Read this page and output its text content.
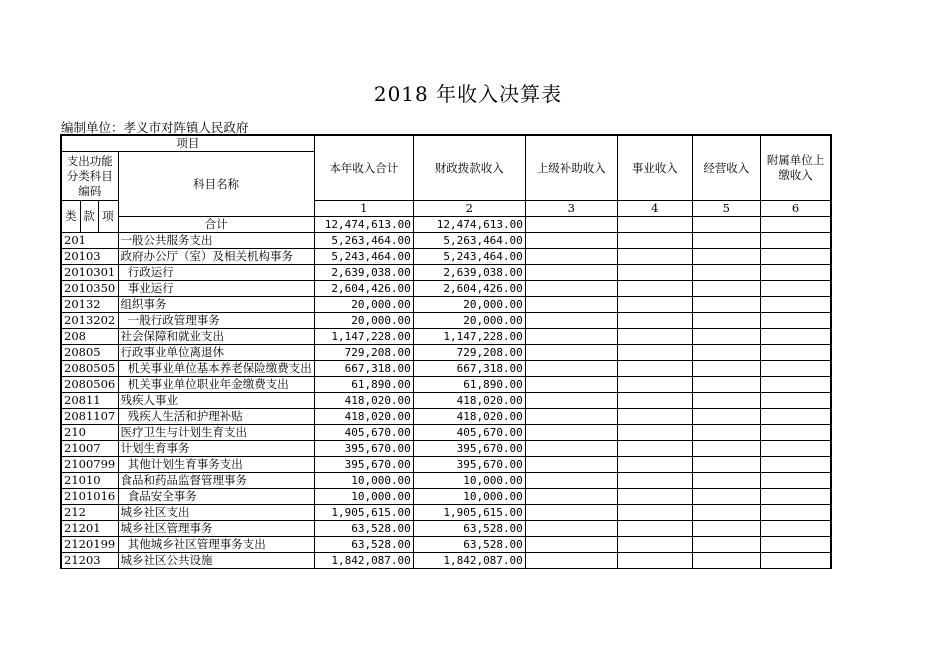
2018 年收入决算表
编制单位：孝义市对阵镇人民政府
项目				本年收入合计	财政拨款收入	上级补助收入	事业收入	经营收入	附属单位上缴收入
支出功能分类科目编码			科目名称						

类	款	项		1	2	3	4	5	6
			合计	12,474,613.00	12,474,613.00				
201			一般公共服务支出	5,263,464.00	5,263,464.00				
20103			政府办公厅（室）及相关机构事务	5,243,464.00	5,243,464.00				
2010301			行政运行	2,639,038.00	2,639,038.00				
2010350			事业运行	2,604,426.00	2,604,426.00				
20132			组织事务	20,000.00	20,000.00				
2013202			一般行政管理事务	20,000.00	20,000.00				
208			社会保障和就业支出	1,147,228.00	1,147,228.00				
20805			行政事业单位离退休	729,208.00	729,208.00				
2080505			机关事业单位基本养老保险缴费支出	667,318.00	667,318.00				
2080506			机关事业单位职业年金缴费支出	61,890.00	61,890.00				
20811			残疾人事业	418,020.00	418,020.00				
2081107			残疾人生活和护理补贴	418,020.00	418,020.00				
210			医疗卫生与计划生育支出	405,670.00	405,670.00				
21007			计划生育事务	395,670.00	395,670.00				
2100799			其他计划生育事务支出	395,670.00	395,670.00				
21010			食品和药品监督管理事务	10,000.00	10,000.00				
2101016			食品安全事务	10,000.00	10,000.00				
212			城乡社区支出	1,905,615.00	1,905,615.00				
21201			城乡社区管理事务	63,528.00	63,528.00				
2120199			其他城乡社区管理事务支出	63,528.00	63,528.00				
21203			城乡社区公共设施	1,842,087.00	1,842,087.00				
